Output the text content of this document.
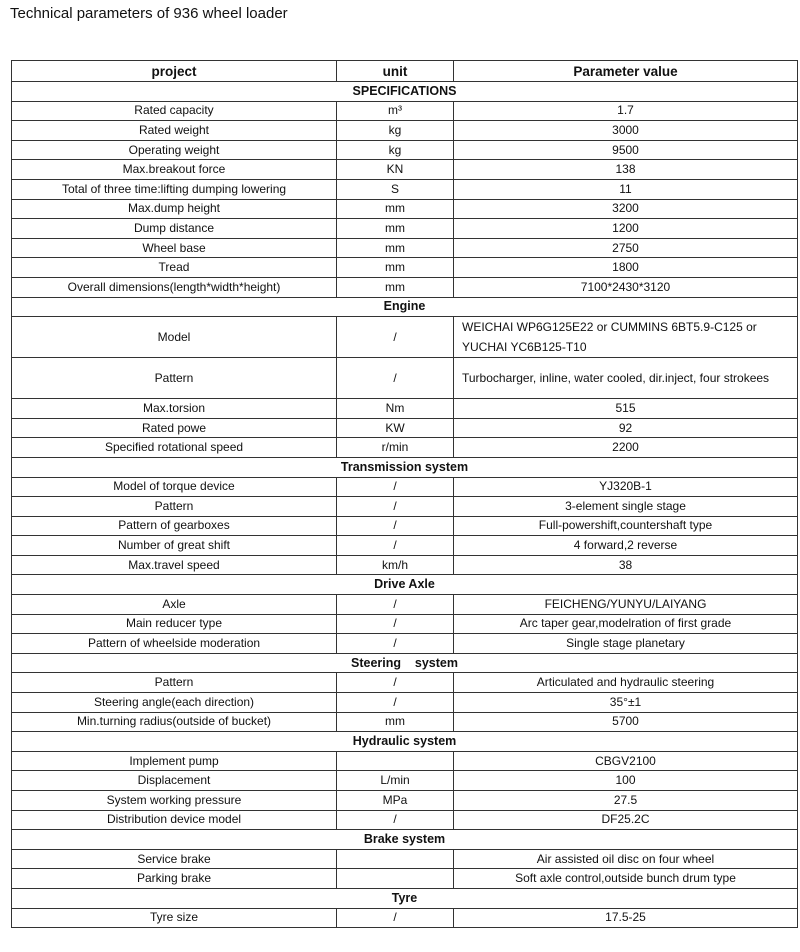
Technical parameters of 936 wheel loader
project	unit	Parameter value
SPECIFICATIONS		
Rated capacity	m³	1.7
Rated weight	kg	3000
Operating weight	kg	9500
Max.breakout force	KN	138
Total of three time:lifting dumping lowering	S	11
Max.dump height	mm	3200
Dump distance	mm	1200
Wheel base	mm	2750
Tread	mm	1800
Overall dimensions(length*width*height)	mm	7100*2430*3120
Engine		
Model	/	WEICHAI WP6G125E22 or CUMMINS 6BT5.9-C125 or YUCHAI YC6B125-T10
Pattern	/	Turbocharger, inline, water cooled, dir.inject, four strokees
Max.torsion	Nm	515
Rated powe	KW	92
Specified rotational speed	r/min	2200
Transmission system		
Model of torque device	/	YJ320B-1
Pattern	/	3-element single stage
Pattern of gearboxes	/	Full-powershift,countershaft type
Number of great shift	/	4 forward,2 reverse
Max.travel speed	km/h	38
Drive Axle		
Axle	/	FEICHENG/YUNYU/LAIYANG
Main reducer type	/	Arc taper gear,modelration of first grade
Pattern of wheelside moderation	/	Single stage planetary
Steering    system		
Pattern	/	Articulated and hydraulic steering
Steering angle(each direction)	/	35°±1
Min.turning radius(outside of bucket)	mm	5700
Hydraulic system		
Implement pump		CBGV2100
Displacement	L/min	100
System working pressure	MPa	27.5
Distribution device model	/	DF25.2C
Brake system		
Service brake		Air assisted oil disc on four wheel
Parking brake		Soft axle control,outside bunch drum type
Tyre		
Tyre size	/	17.5-25
